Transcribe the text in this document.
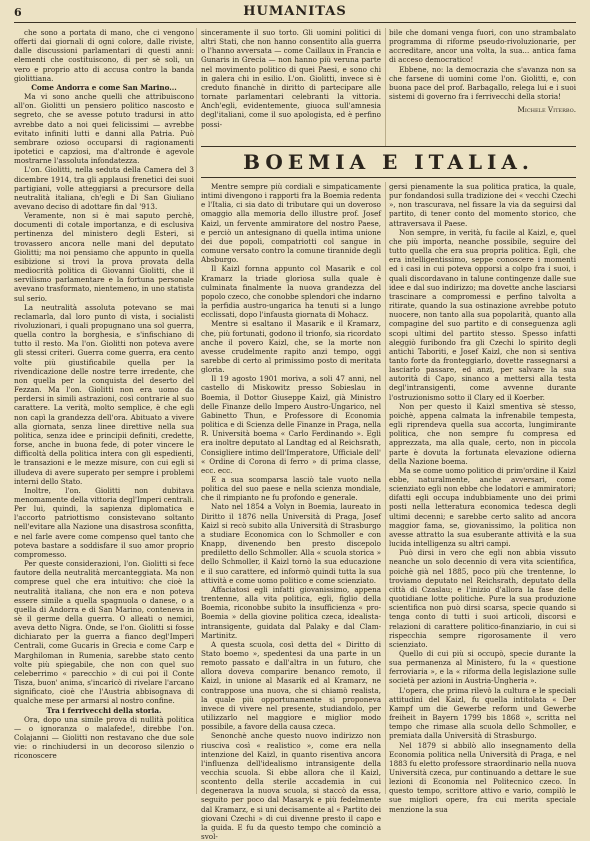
6	HUMANITAS

che sono a portata di mano, che ci vengono offerti dai giornali di ogni colore, dalle riviste, dalle discussioni parlamentari di questi anni: elementi che costituiscono, di per sè soli, un vero e proprio atto di accusa contro la banda giolittiana.

Come Andorra e come San Marino...

Ma vi sono anche quelli che attribuiscono all'on. Giolitti un pensiero politico nascosto e segreto, che se avesse potuto tradursi in atto avrebbe dato a noi quei felicissimi — avrebbe evitato infiniti lutti e danni alla Patria. Può sembrare ozioso occuparsi di ragionamenti ipotetici e capziosi, ma d'altronde è agevole mostrarne l'assoluta infondatezza.

L'on. Giolitti, nella seduta della Camera del 3 dicembre 1914, tra gli applausi frenetici dei suoi partigiani, volle atteggiarsi a precursore della neutralità italiana, ch'egli e Di San Giuliano avevano deciso di adottare fin dal '913.

Veramente, non si è mai saputo perchè, documenti di cotale importanza, e di esclusiva pertinenza del ministero degli Esteri, si trovassero ancora nelle mani del deputato Giolitti; ma noi pensiamo che appunto in quella esibizione si trovi la prova provata della mediocrità politica di Giovanni Giolitti, che il servilismo parlamentare e la fortuna personale avevano trasformato, nientemeno, in uno statista sul serio.

La neutralità assoluta potevano se mai reclamarla, dal loro punto di vista, i socialisti rivoluzionari, i quali propugnano una sol guerra, quella contro la borghesia, e s'infischiano di tutto il resto. Ma l'on. Giolitti non poteva avere gli stessi criteri. Guerra come guerra, era cento volte più giustificabile quella per la rivendicazione delle nostre terre irredente, che non quella per la conquista del deserto del Fezzan. Ma l'on. Giolitti non era uomo da perdersi in simili astrazioni, così contrarie al suo carattere. La verità, molto semplice, è che egli non capì la grandezza dell'ora. Abituato a vivere alla giornata, senza linee direttive nella sua politica, senza idee e principii definiti, credette, forse, anche in buona fede, di poter vincere le difficoltà della politica intera con gli espedienti, le transazioni e le mezze misure, con cui egli si illudeva di avere superato per sempre i problemi interni dello Stato.

Inoltre, l'on. Giolitti non dubitava menomamente della vittoria degl'Imperi centrali. Per lui, quindi, la sapienza diplomatica e l'accorto patriottismo consistevano soltanto nell'evitare alla Nazione una disastrosa sconfitta, e nel farle avere come compenso quel tanto che poteva bastare a soddisfare il suo amor proprio compromesso.

Per queste considerazioni, l'on. Giolitti si fece fautore della neutralità mercanteggiata. Ma non comprese quel che era intuitivo: che cioè la neutralità italiana, che non era e non poteva essere simile a quella spagnuola o danese, o a quella di Andorra e di San Marino, conteneva in sè il germe della guerra. O alleati o nemici, aveva detto Nigra. Onde, se l'on. Giolitti si fosse dichiarato per la guerra a fianco degl'Imperi Centrali, come Gucaris in Grecia e come Carp e Marghiloman in Rumenia, sarebbe stato cento volte più spiegabile, che non con quel suo celeberrimo « parecchio » di cui poi il Conte Tisza, buon' anima, s'incaricò di rivelare l'arcano significato, cioè che l'Austria abbisognava di qualche mese per armarsi al nostro confine.

Tra i ferrivecchi della storia.

Ora, dopo una simile prova di nullità politica — o ignoranza o malafede!, direbbe l'on. Colajanni — Giolitti non restavano che due sole vie: o rinchiudersi in un decoroso silenzio o riconoscere

sinceramente il suo torto. Gli uomini politici di altri Stati, che non hanno consentito alla guerra o l'hanno avversata — come Caillaux in Francia e Gunaris in Grecia — non hanno più veruna parte nel movimento politico di quei Paesi, e sono chi in galera chi in esilio. L'on. Giolitti, invece si è creduto financhè in diritto di partecipare alle tornate parlamentari celebranti la vittoria. Anch'egli, evidentemente, giuoca sull'amnesia degl'italiani, come il suo apologista, ed è perfino possi-

bile che domani venga fuori, con uno strambalato programma di riforme pseudo-rivoluzionarie, per accreditare, ancor una volta, la sua... antica fama di acceso democratico!

Ebbene, no: la democrazia che s'avanza non sa che farsene di uomini come l'on. Giolitti, e, con buona pace del prof. Barbagallo, relega lui e i suoi sistemi di governo fra i ferrivecchi della storia!

Michele Viterbo.

BOEMIA E ITALIA.

Mentre sempre più cordiali e simpaticamente intimi divengono i rapporti fra la Boemia redenta e l'Italia, ci sia dato di tributare qui un doveroso omaggio alla memoria dello illustre prof. Josef Kaizl, un fervente ammiratore del nostro Paese, e perciò un antesignano di quella intima unione dei due popoli, compatriotti col sangue in comune versato contro la comune tirannide degli Absburgo.

Il Kaizl fornna appunto col Masarik e col Kramarz la triade gloriosa sulla quale è culminata finalmente la nuova grandezza del popolo czeco, che conobbe splendori che indarno la perfidia austro-ungarica ha tenuti si a lungo ecclissati, dopo l'infausta giornata di Mohacz.

Mentre si esaltano il Masarik e il Kramarz, che, più fortunati, godono il trionfo, sia ricordato anche il povero Kaizl, che, se la morte non avesse crudelmente rapito anzi tempo, oggi sarebbe di certo al primissimo posto di meritata gloria.

Il 19 agosto 1901 moriva, a soli 47 anni, nel castello di Miskowitz presso Sobieslau in Boemia, il Dottor Giuseppe Kaizl, già Ministro delle Finanze dello Impero Austro-Ungarico, nel Gabinetto Thun, e Professore di Economia politica e di Scienza delle Finanze in Praga, nella R. Università boema « Carlo Ferdinando ». Egli era inoltre deputato al Landtag ed al Reichsrath, Consigliere intimo dell'Imperatore, Ufficiale dell' « Ordine di Corona di ferro » di prima classe, ecc. ecc.

E a sua scomparsa lasciò tale vuoto nella politica del suo paese e nella scienza mondiale, che il rimpianto ne fu profondo e generale.

Nato nel 1854 a Volyn in Boemia, laureato in Diritto il 1876 nella Università di Praga, Josef Kaizl si recò subito alla Università di Strasburgo a studiare Economica con lo Schmoller e con Knapp, divenendo ben presto discepolo prediletto dello Schmoller. Alla « scuola storica » dello Schmoller, il Kaizl tornò la sua educazione e il suo carattere, ed informò quindi tutta la sua attività e come uomo politico e come scienziato.

Affaciatosi egli infatti giovanissimo, appena trentenne, alla vita politica, egli, figlio della Boemia, riconobbe subito la insufficienza « pro-Boemia » della giovine politica czeca, idealista-intransigente, guidata dal Palaky e dal Clam-Martinitz.

A questa scuola, così detta del « Diritto di Stato boemo », spedentesi da una parte in un remoto passato e dall'altra in un futuro, che allora doveva comparire benanco remoto, il Kaizl, in unione al Masarik ed al Kramarz, ne contrappose una nuova, che si chiamò realista, la quale più opportunamente si proponeva invece di vivere nel presente, studiandolo, per utilizzarlo nel maggiore e miglior modo possibile, a favore della causa czeca.

Senonchè anche questo nuovo indirizzo non riusciva così « realistico », come era nella intenzione del Kaizl, in quanto risentiva ancora l'influenza dell'idealismo intransigente della vecchia scuola. Si ebbe allora che il Kaizl, scontento della sterile accademia in cui degenerava la nuova scuola, si staccò da essa, seguito per poco dal Masaryk e più fedelmente dal Kramarz, e si uni decisamente al « Partito dei giovani Czechi » di cui divenne presto il capo e la guida. E fu da questo tempo che cominciò a svol-

gersi pienamente la sua politica pratica, la quale, pur fondandosi sulla tradizione dei « vecchi Czechi », non trascurava, nel fissare la via da seguirsi dal partito, di tener conto del momento storico, che attraversava il Paese.

Non sempre, in verità, fu facile al Kaizl, e, quel che più importa, neanche possibile, seguire del tutto quella che era sua propria politica. Egli, che era intelligentissimo, seppe conoscere i momenti ed i casi in cui poteva opporsi a colpo fra i suoi, i quali discordavano in talune contingenze dalle sue idee e dal suo indirizzo; ma dovette anche lasciarsi trascinare a compromessi e perfino talvolta a ritirate, quando la sua ostinazione avrebbe potuto nuocere, non tanto alla sua popolarità, quanto alla compagine del suo partito e di conseguenza agli scopi ultimi del partito stesso. Spesso infatti aleggiò furibondo fra gli Czechi lo spirito degli antichi Taboriti, e Josef Kaizl, che non si sentiva tanto forte da fronteggiarlo, dovette rassegnarsi a lasciarlo passare, ed anzi, per salvare la sua autorità di Capo, sinanco a mettersi alla testa degl'intransigenti, come avvenne durante l'ostruzionismo sotto il Clary ed il Koerber.

Non per questo il Kaizl smentiva sè stesso, poichè, appena calmata la infrenabile tempesta, egli riprendeva quella sua accorta, lungimirante politica, che non sempre fu compresa ed apprezzata, ma alla quale, certo, non in piccola parte è dovuta la fortunata elevazione odierna della Nazione boema.

Ma se come uomo politico di prim'ordine il Kaizl ebbe, naturalmente, anche avversari, come scienziato egli non ebbe che lodatori e ammiratori; difatti egli occupa indubbiamente uno dei primi posti nella letteratura economica tedesca degli ultimi decenni; e sarebbe certo salito ad ancora maggior fama, se, giovanissimo, la politica non avesse attratto la sua esuberante attività e la sua lucida intelligenza su altri campi.

Può dirsi in vero che egli non abbia vissuto neanche un solo decennio di vera vita scientifica, poichè già nel 1885, poco più che trentenne, lo troviamo deputato nel Reichsrath, deputato della città di Czaslau; e l'inizio d'allora la fase delle quotidiane lotte politiche. Pure la sua produzione scientifica non può dirsi scarsa, specie quando si tenga conto di tutti i suoi articoli, discorsi e relazioni di carattere politico-finanziario, in cui si rispecchia sempre rigorosamente il vero scienziato.

Quello di cui più si occupò, specie durante la sua permanenza al Ministero, fu la « questione ferroviaria », e la « riforma della legislazione sulle società per azioni in Austria-Ungheria ».

L'opera, che prima rilevò la cultura e le speciali attitudini del Kaizl, fu quella intitolata « Der Kampf um die Gewerbe reform und Gewerbe freiheit in Bayern 1799 bis 1868 », scritta nel tempo che rimase alla scuola dello Schmoller, e premiata dalla Università di Strasburgo.

Nel 1879 si abbilò allo insegnamento della Economia politica nella Università di Praga, e nel 1883 fu eletto professore straordinario nella nuova Università czeca, pur continuando a dettare le sue lezioni di Economia nel Politecnico czeco. In questo tempo, scrittore attivo e vario, compilò le sue migliori opere, fra cui merita speciale menzione la sua
